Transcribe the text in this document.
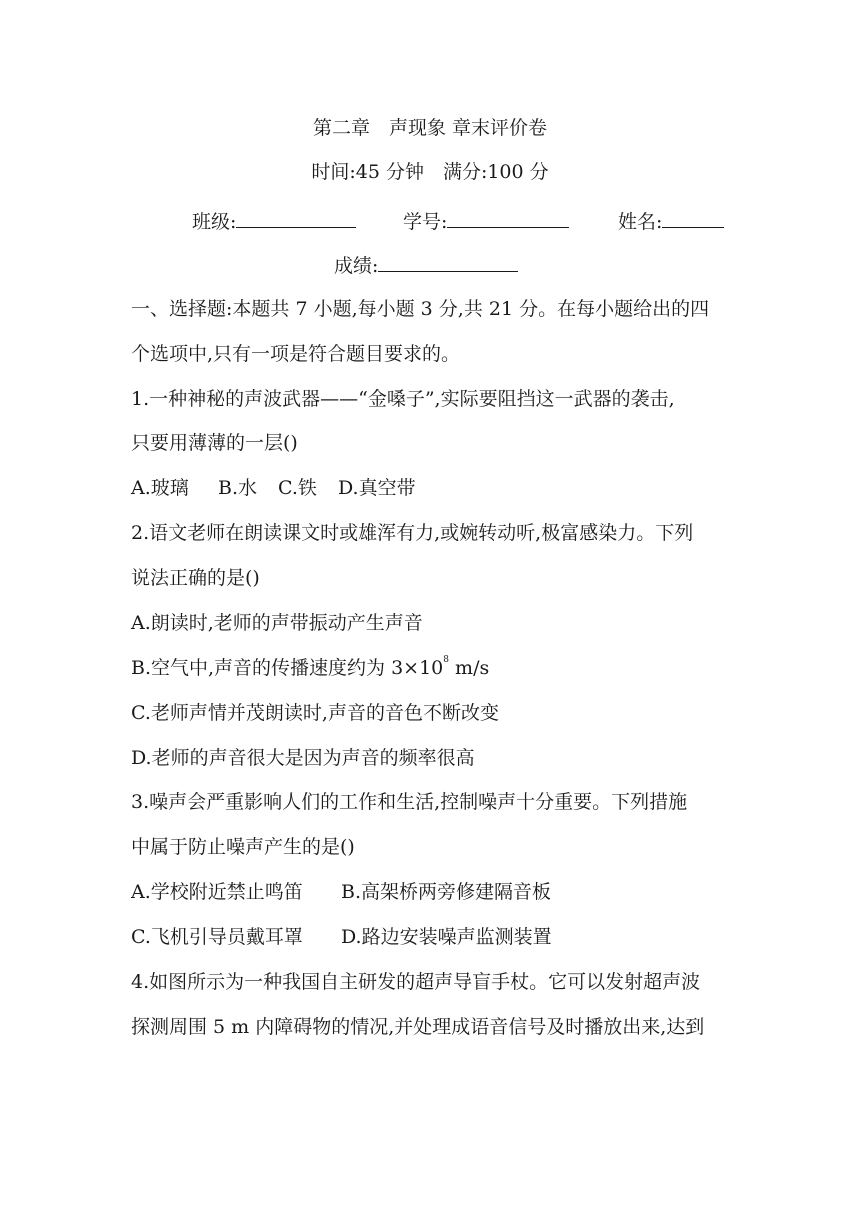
第二章　声现象 章末评价卷
时间:45 分钟　满分:100 分
班级:	学号:	姓名:
成绩:
一、选择题:本题共 7 小题,每小题 3 分,共 21 分。在每小题给出的四
个选项中,只有一项是符合题目要求的。
1.一种神秘的声波武器——“金嗓子”,实际要阻挡这一武器的袭击,
只要用薄薄的一层()
A.玻璃 B.水 C.铁 D.真空带
2.语文老师在朗读课文时或雄浑有力,或婉转动听,极富感染力。下列
说法正确的是()
A.朗读时,老师的声带振动产生声音
B.空气中,声音的传播速度约为 $3\times 10^8$ m/s
C.老师声情并茂朗读时,声音的音色不断改变
D.老师的声音很大是因为声音的频率很高
3.噪声会严重影响人们的工作和生活,控制噪声十分重要。下列措施
中属于防止噪声产生的是()
A.学校附近禁止鸣笛 B.高架桥两旁修建隔音板
C.飞机引导员戴耳罩 D.路边安装噪声监测装置
4.如图所示为一种我国自主研发的超声导盲手杖。它可以发射超声波
探测周围 5 m 内障碍物的情况,并处理成语音信号及时播放出来,达到
